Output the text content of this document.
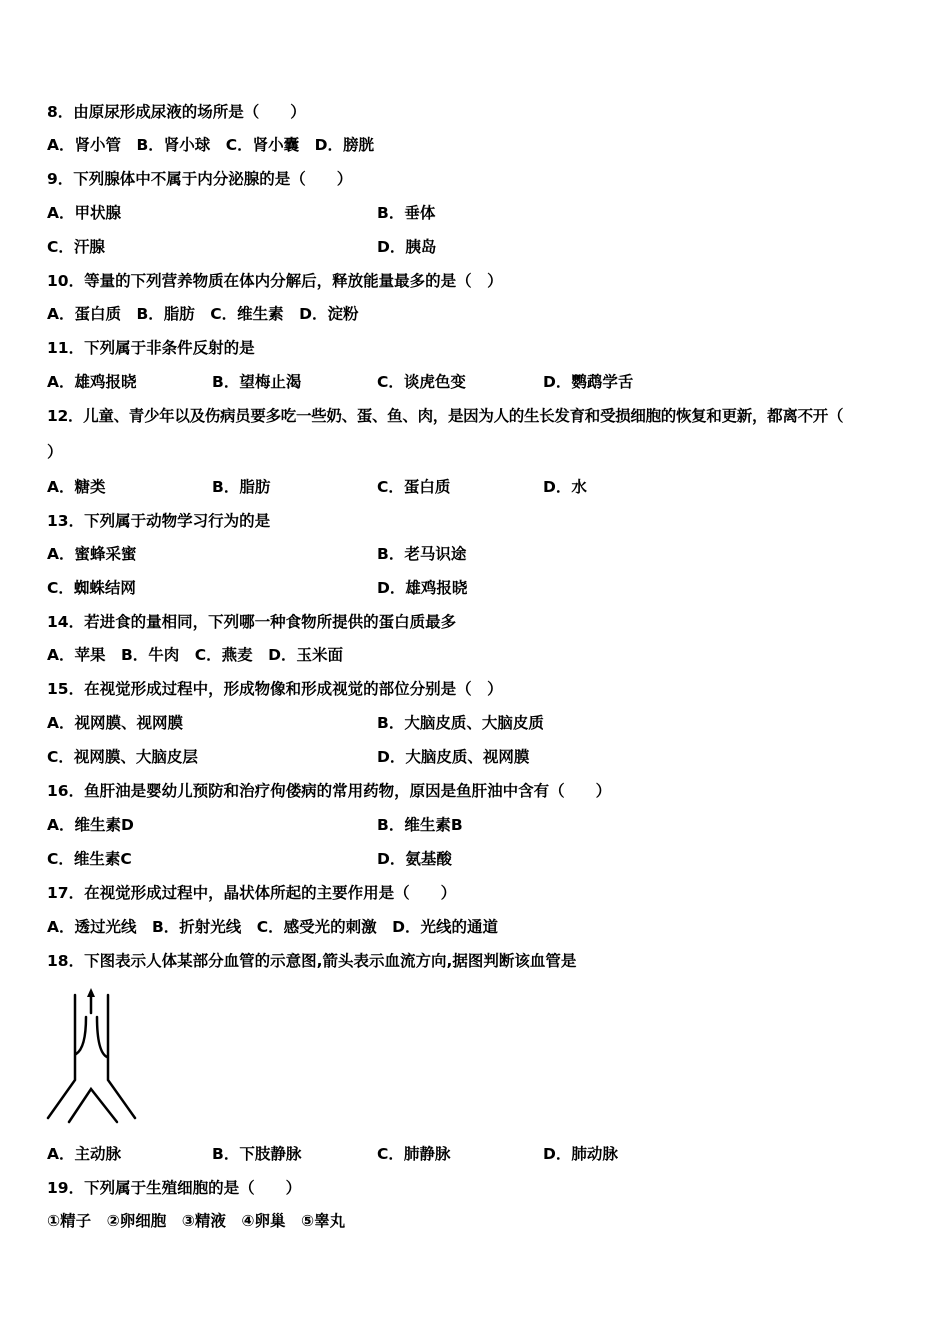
8．由原尿形成尿液的场所是（　　）
A．肾小管　B．肾小球　C．肾小囊　D．膀胱
9．下列腺体中不属于内分泌腺的是（　　）
A．甲状腺	B．垂体
C．汗腺	D．胰岛
10．等量的下列营养物质在体内分解后，释放能量最多的是（　）
A．蛋白质　B．脂肪　C．维生素　D．淀粉
11．下列属于非条件反射的是
A．雄鸡报晓	B．望梅止渴	C．谈虎色变	D．鹦鹉学舌
12．儿童、青少年以及伤病员要多吃一些奶、蛋、鱼、肉，是因为人的生长发育和受损细胞的恢复和更新，都离不开（
）
A．糖类	B．脂肪	C．蛋白质	D．水
13．下列属于动物学习行为的是
A．蜜蜂采蜜	B．老马识途
C．蜘蛛结网	D．雄鸡报晓
14．若进食的量相同，下列哪一种食物所提供的蛋白质最多
A．苹果　B．牛肉　C．燕麦　D．玉米面
15．在视觉形成过程中，形成物像和形成视觉的部位分别是（　）
A．视网膜、视网膜	B．大脑皮质、大脑皮质
C．视网膜、大脑皮层	D．大脑皮质、视网膜
16．鱼肝油是婴幼儿预防和治疗佝偻病的常用药物，原因是鱼肝油中含有（　　）
A．维生素D	B．维生素B
C．维生素C	D．氨基酸
17．在视觉形成过程中，晶状体所起的主要作用是（　　）
A．透过光线　B．折射光线　C．感受光的刺激　D．光线的通道
18．下图表示人体某部分血管的示意图,箭头表示血流方向,据图判断该血管是
A．主动脉	B．下肢静脉	C．肺静脉	D．肺动脉
19．下列属于生殖细胞的是（　　）
①精子　②卵细胞　③精液　④卵巢　⑤睾丸
